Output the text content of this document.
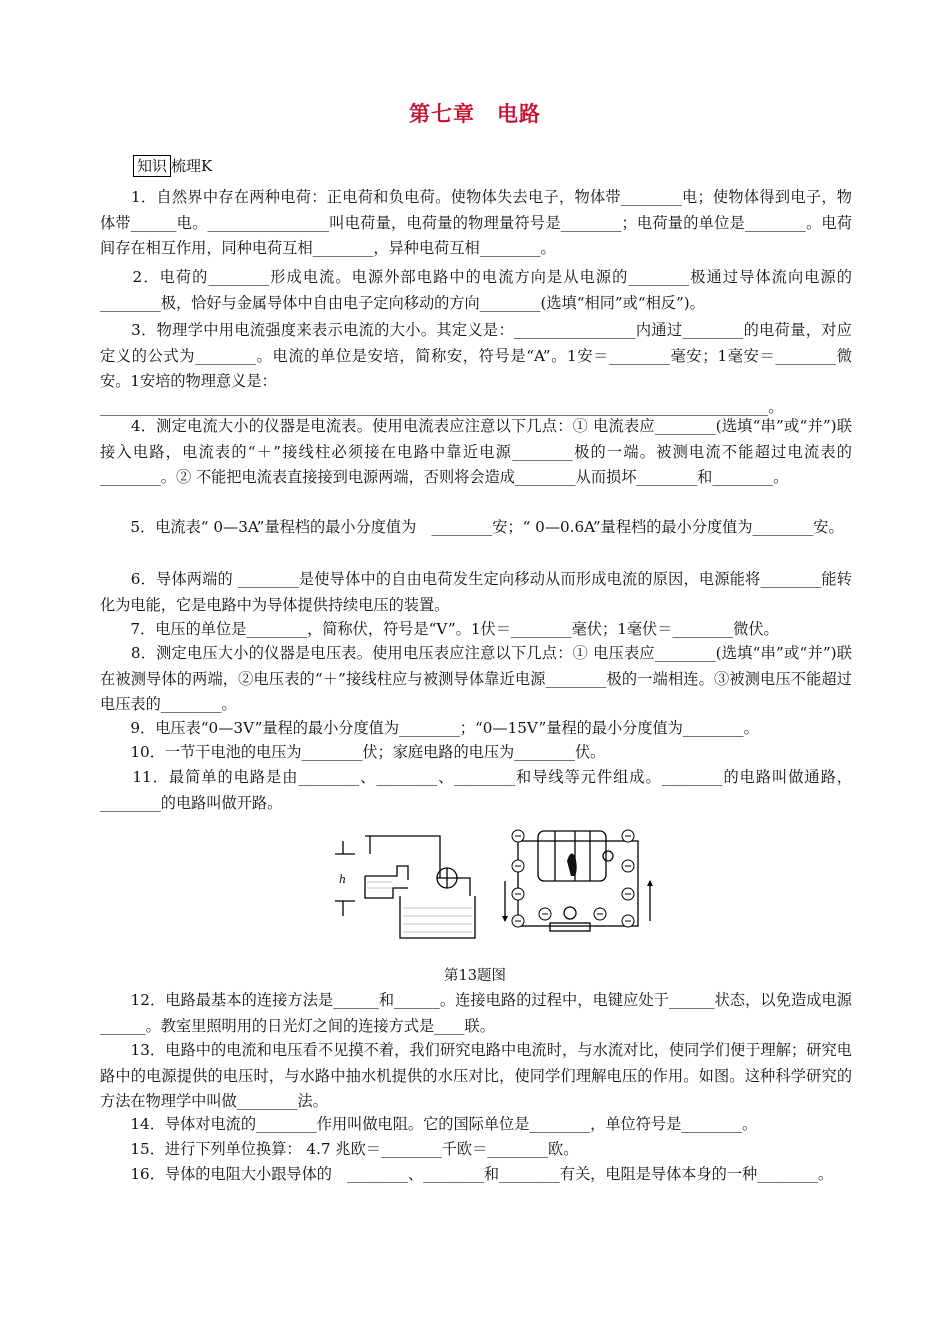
第七章　电路
知识 梳理K
　　1．自然界中存在两种电荷：正电荷和负电荷。使物体失去电子，物体带________电；使物体得到电子，物体带______电。________________叫电荷量，电荷量的物理量符号是________；电荷量的单位是________。电荷间存在相互作用，同种电荷互相________，异种电荷互相________。
　　2．电荷的________形成电流。电源外部电路中的电流方向是从电源的________极通过导体流向电源的________极，恰好与金属导体中自由电子定向移动的方向________(选填“相同”或“相反”)。
　　3．物理学中用电流强度来表示电流的大小。其定义是：________________内通过________的电荷量，对应定义的公式为________。电流的单位是安培，简称安，符号是“A”。1安＝________毫安；1毫安＝________微安。1安培的物理意义是：
________________________________________________________________________________________。
　　4．测定电流大小的仪器是电流表。使用电流表应注意以下几点：① 电流表应________(选填“串”或“并”)联接入电路，电流表的“＋”接线柱必须接在电路中靠近电源________极的一端。被测电流不能超过电流表的________。② 不能把电流表直接接到电源两端，否则将会造成________从而损坏________和________。
　　5．电流表“ 0—3A”量程档的最小分度值为　________安；“ 0—0.6A”量程档的最小分度值为________安。
　　6．导体两端的 ________是使导体中的自由电荷发生定向移动从而形成电流的原因，电源能将________能转化为电能，它是电路中为导体提供持续电压的装置。
　　7．电压的单位是________，简称伏，符号是“V”。1伏＝________毫伏；1毫伏＝________微伏。
　　8．测定电压大小的仪器是电压表。使用电压表应注意以下几点：① 电压表应________(选填“串”或“并”)联在被测导体的两端，②电压表的“＋”接线柱应与被测导体靠近电源________极的一端相连。③被测电压不能超过电压表的________。
　　9．电压表“0—3V”量程的最小分度值为________；“0—15V”量程的最小分度值为________。
　　10．一节干电池的电压为________伏；家庭电路的电压为________伏。
　　11．最简单的电路是由________、________、________和导线等元件组成。________的电路叫做通路，________的电路叫做开路。
h
第13题图
　　12．电路最基本的连接方法是______和______。连接电路的过程中，电键应处于______状态，以免造成电源______。教室里照明用的日光灯之间的连接方式是____联。
　　13．电路中的电流和电压看不见摸不着，我们研究电路中电流时，与水流对比，使同学们便于理解；研究电路中的电源提供的电压时，与水路中抽水机提供的水压对比，使同学们理解电压的作用。如图。这种科学研究的方法在物理学中叫做________法。
　　14．导体对电流的________作用叫做电阻。它的国际单位是________，单位符号是________。
　　15．进行下列单位换算： 4.7 兆欧＝________千欧＝________欧。
　　16．导体的电阻大小跟导体的　________、________和________有关，电阻是导体本身的一种________。
